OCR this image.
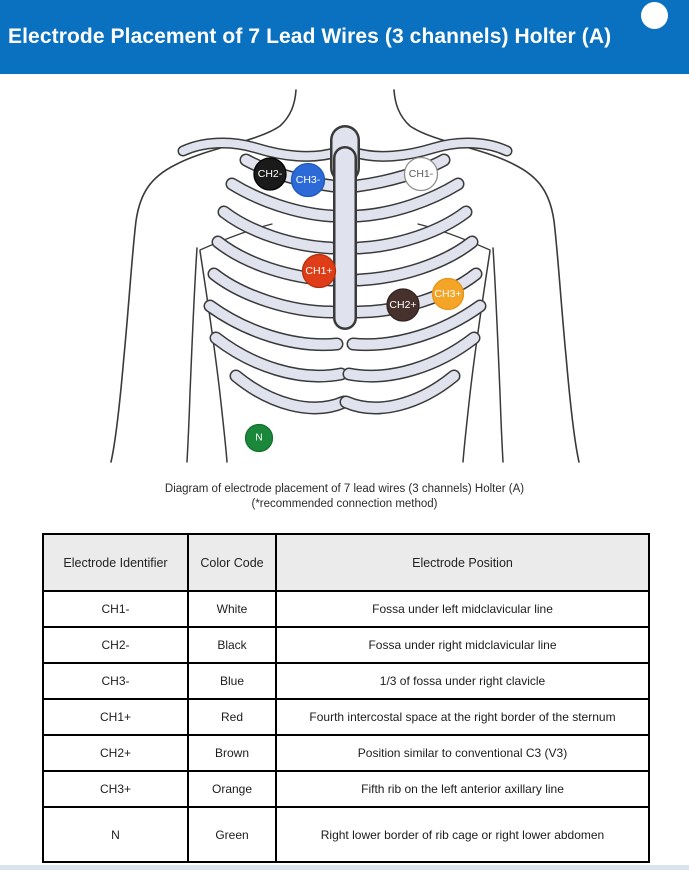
Electrode Placement of 7 Lead Wires (3 channels) Holter (A)
CH2- CH3-	CH1-
CH1+
CH2+
CH3+
N
Diagram of electrode placement of 7 lead wires (3 channels) Holter (A)
(*recommended connection method)
Electrode Identifier	Color Code	Electrode Position
CH1-	White	Fossa under left midclavicular line
CH2-	Black	Fossa under right midclavicular line
CH3-	Blue	1/3 of fossa under right clavicle
CH1+	Red	Fourth intercostal space at the right border of the sternum
CH2+	Brown	Position similar to conventional C3 (V3)
CH3+	Orange	Fifth rib on the left anterior axillary line
N	Green	Right lower border of rib cage or right lower abdomen
